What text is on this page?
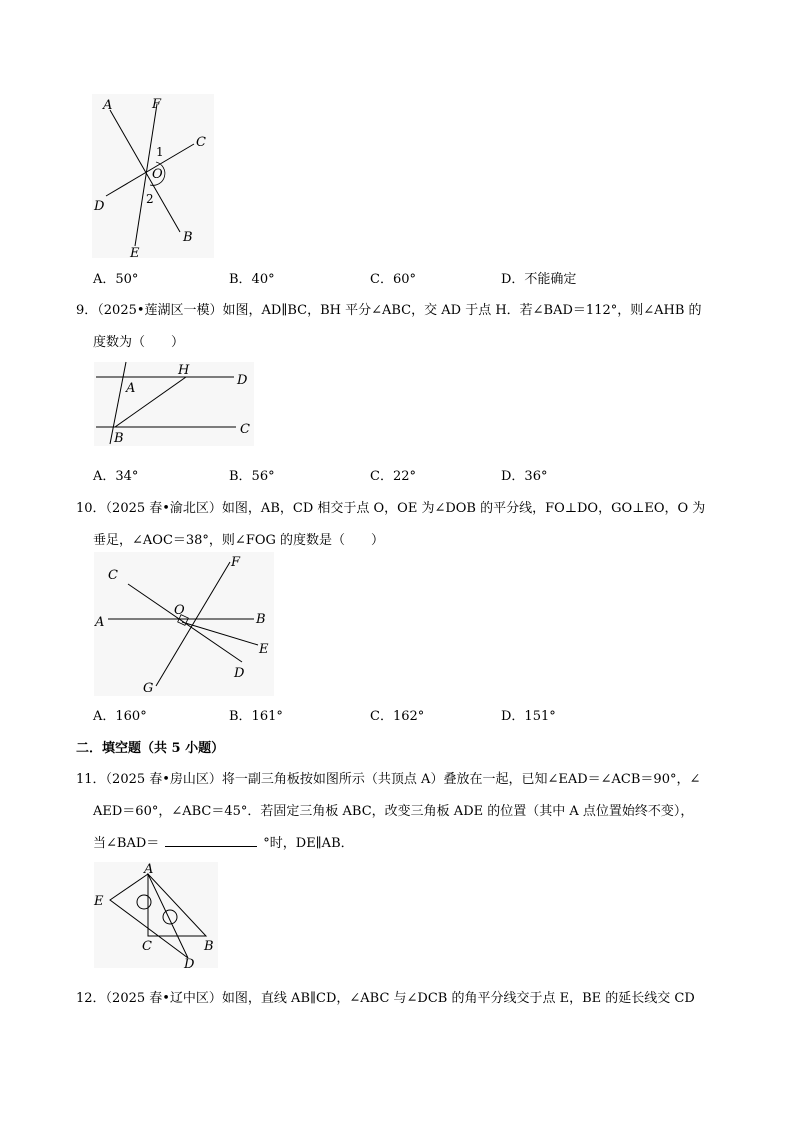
A	F
C
1
O
2
D
B
E
A．50°	B．40°	C．60°	D．不能确定
9．（2025•莲湖区一模）如图，AD∥BC，BH 平分∠ABC，交 AD 于点 H．若∠BAD＝112°，则∠AHB 的
度数为（　　）
H
D
A
B
C
A．34°	B．56°	C．22°	D．36°
10．（2025 春•渝北区）如图，AB，CD 相交于点 O，OE 为∠DOB 的平分线，FO⊥DO，GO⊥EO，O 为
垂足，∠AOC＝38°，则∠FOG 的度数是（　　）
C
F
O
A	B
E
D
G
A．160°	B．161°	C．162°	D．151°
二．填空题（共 5 小题）
11．（2025 春•房山区）将一副三角板按如图所示（共顶点 A）叠放在一起，已知∠EAD＝∠ACB＝90°，∠
AED＝60°，∠ABC＝45°．若固定三角板 ABC，改变三角板 ADE 的位置（其中 A 点位置始终不变），
当∠BAD＝	°时，DE∥AB．
A
E
C	B
D
12．（2025 春•辽中区）如图，直线 AB∥CD，∠ABC 与∠DCB 的角平分线交于点 E，BE 的延长线交 CD
